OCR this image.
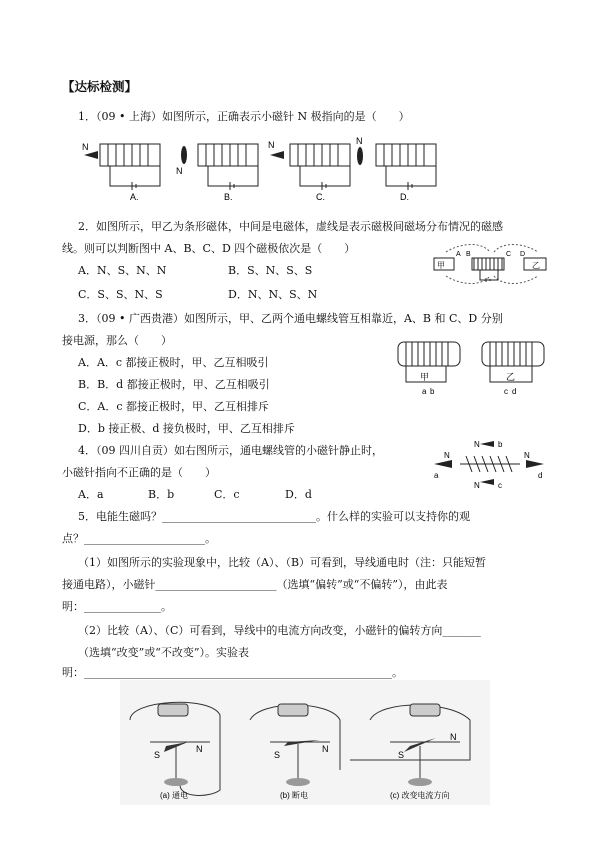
【达标检测】
1．（09 • 上海）如图所示，正确表示小磁针 N 极指向的是（　　）
N
A.
N
B.
N
C.
N
D.
2．如图所示，甲乙为条形磁体，中间是电磁体，虚线是表示磁极间磁场分布情况的磁感
线。则可以判断图中 A、B、C、D 四个磁极依次是（　　）
A．N、S、N、N	B．S、N、S、S
C．S、S、N、S	D．N、N、S、N
甲
A B	C D
乙
3．（09 • 广西贵港）如图所示，甲、乙两个通电螺线管互相靠近，A、B 和 C、D 分别
接电源，那么（　　）
A．A．c 都接正极时，甲、乙互相吸引
B．B．d 都接正极时，甲、乙互相吸引
C．A．c 都接正极时，甲、乙互相排斥
D．b 接正极、d 接负极时，甲、乙互相排斥
甲
a b
乙
c d
4．（09 四川自贡）如右图所示，通电螺线管的小磁针静止时，
小磁针指向不正确的是（　　）
A．a	B．b	C．c	D．d
N
a
N b
N c
N
d
5．电能生磁吗？____________________________。什么样的实验可以支持你的观
点？______________________。
（1）如图所示的实验现象中，比较（A）、（B）可看到，导线通电时（注：只能短暂
接通电路），小磁针______________________（选填“偏转”或“不偏转”），由此表
明：______________。
（2）比较（A）、（C）可看到，导线中的电流方向改变，小磁针的偏转方向_______
（选填“改变”或“不改变”）。实验表
明：________________________________________________________。
S
N
(a) 通电
S
N
(b) 断电
S
N
(c) 改变电流方向
